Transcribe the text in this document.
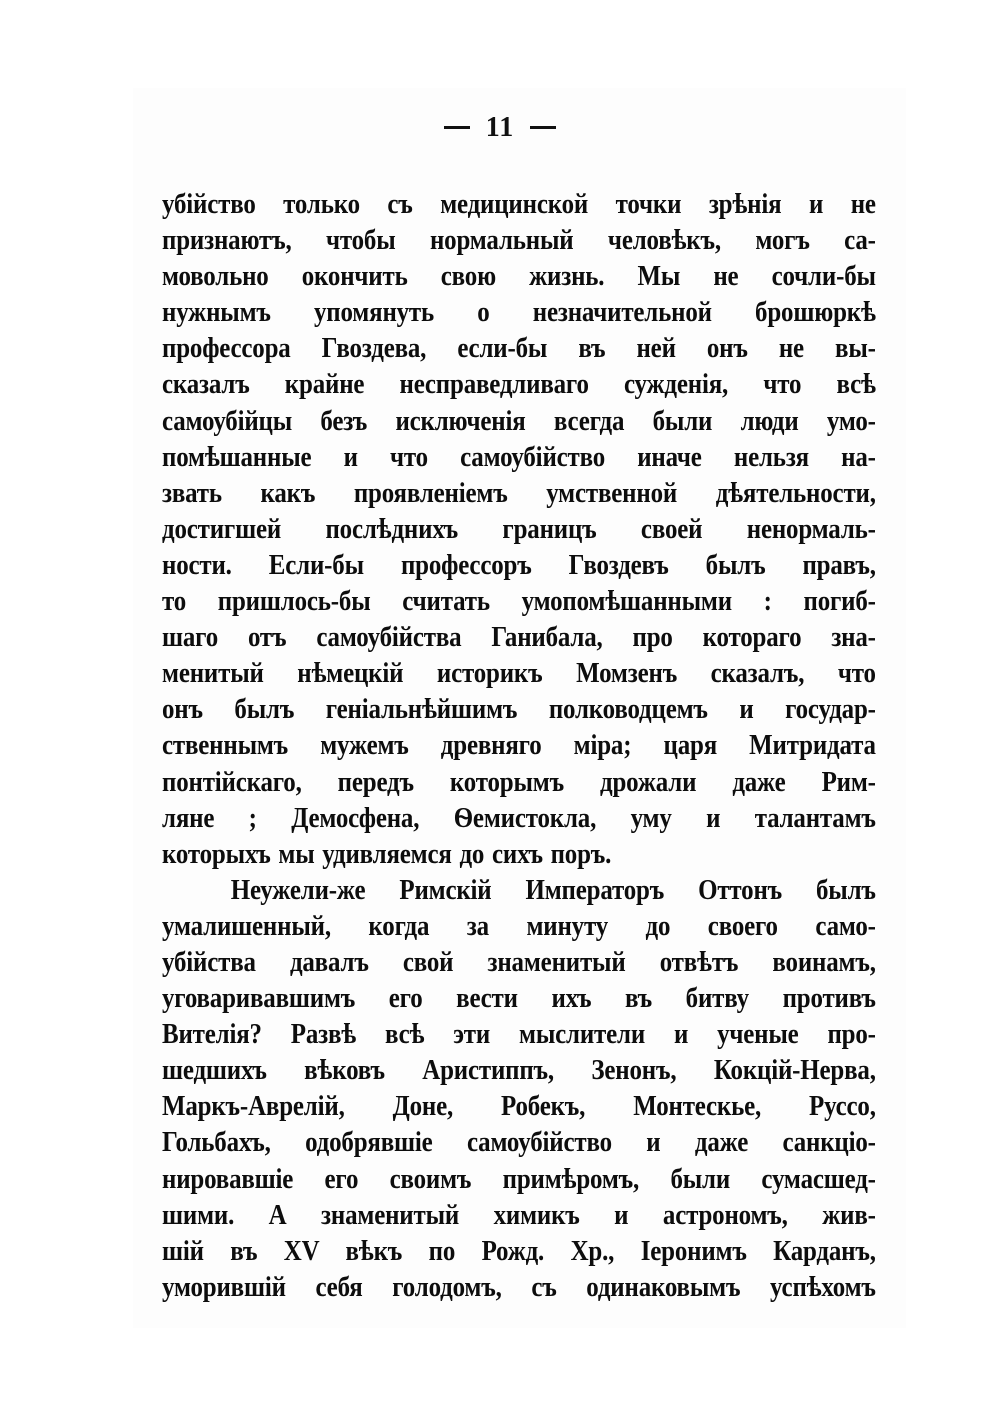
11
убійство только съ медицинской точки зрѣнія и не
признаютъ, чтобы нормальный человѣкъ, могъ са-
мовольно окончить свою жизнь. Мы не сочли-бы
нужнымъ упомянуть о незначительной брошюркѣ
профессора Гвоздева, если-бы въ ней онъ не вы-
сказалъ крайне несправедливаго сужденія, что всѣ
самоубійцы безъ исключенія всегда были люди умо-
помѣшанные и что самоубійство иначе нельзя на-
звать какъ проявленіемъ умственной дѣятельности,
достигшей послѣднихъ границъ своей ненормаль-
ности. Если-бы профессоръ Гвоздевъ былъ правъ,
то пришлось-бы считать умопомѣшанными : погиб-
шаго отъ самоубійства Ганибала, про котораго зна-
менитый нѣмецкій историкъ Момзенъ сказалъ, что
онъ былъ геніальнѣйшимъ полководцемъ и государ-
ственнымъ мужемъ древняго міра; царя Митридата
понтійскаго, передъ которымъ дрожали даже Рим-
ляне ; Демосфена, Ѳемистокла, уму и талантамъ
которыхъ мы удивляемся до сихъ поръ.
Неужели-же Римскій Императоръ Оттонъ былъ
умалишенный, когда за минуту до своего само-
убійства давалъ свой знаменитый отвѣтъ воинамъ,
уговаривавшимъ его вести ихъ въ битву противъ
Вителія? Развѣ всѣ эти мыслители и ученые про-
шедшихъ вѣковъ Аристиппъ, Зенонъ, Кокцій-Нерва,
Маркъ-Аврелій, Доне, Робекъ, Монтескье, Руссо,
Гольбахъ, одобрявшіе самоубійство и даже санкціо-
нировавшіе его своимъ примѣромъ, были сумасшед-
шими. А знаменитый химикъ и астрономъ, жив-
шій въ XV вѣкъ по Рожд. Хр., Іеронимъ Карданъ,
уморившій себя голодомъ, съ одинаковымъ успѣхомъ
